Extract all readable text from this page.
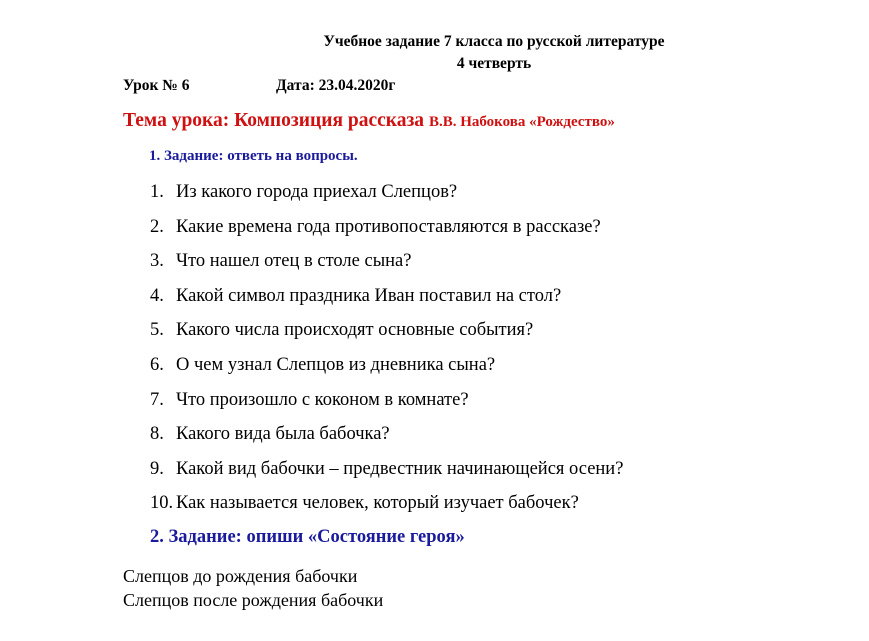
Учебное задание 7 класса по русской литературе
4 четверть
Урок № 6	Дата: 23.04.2020г
Тема урока: Композиция рассказа В.В. Набокова «Рождество»
1. Задание: ответь на вопросы.
1. Из какого города приехал Слепцов?
2. Какие времена года противопоставляются в рассказе?
3. Что нашел отец в столе сына?
4. Какой символ праздника Иван поставил на стол?
5. Какого числа происходят основные события?
6. О чем узнал Слепцов из дневника сына?
7. Что произошло с коконом в комнате?
8. Какого вида была бабочка?
9. Какой вид бабочки – предвестник начинающейся осени?
10. Как называется человек, который изучает бабочек?
2. Задание: опиши «Состояние героя»
Слепцов до рождения бабочки
Слепцов после рождения бабочки
